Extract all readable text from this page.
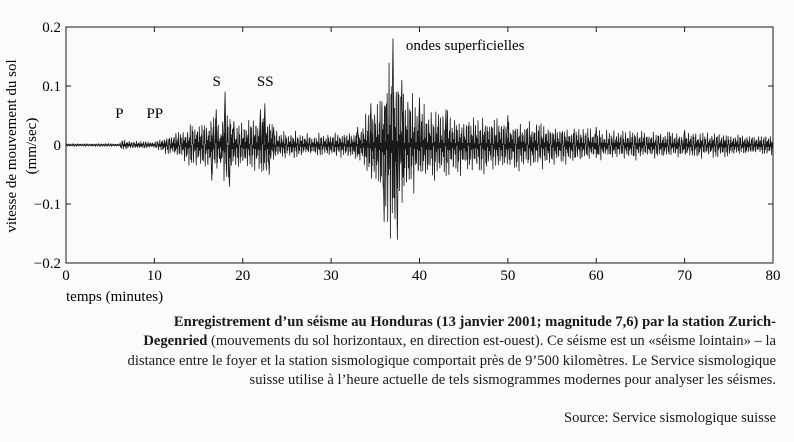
0	10	20	30	40	50	60	70	80
0.2
0.1
0
−0.1
−0.2
P PP
S SS
ondes superficielles
vitesse de mouvement du sol (mm/sec)
temps (minutes)

Enregistrement d’un séisme au Honduras (13 janvier 2001; magnitude 7,6) par la station Zurich-Degenried (mouvements du sol horizontaux, en direction est-ouest). Ce séisme est un «séisme lointain» – la distance entre le foyer et la station sismologique comportait près de 9’500 kilomètres. Le Service sismologique suisse utilise à l’heure actuelle de tels sismogrammes modernes pour analyser les séismes.

Source: Service sismologique suisse
